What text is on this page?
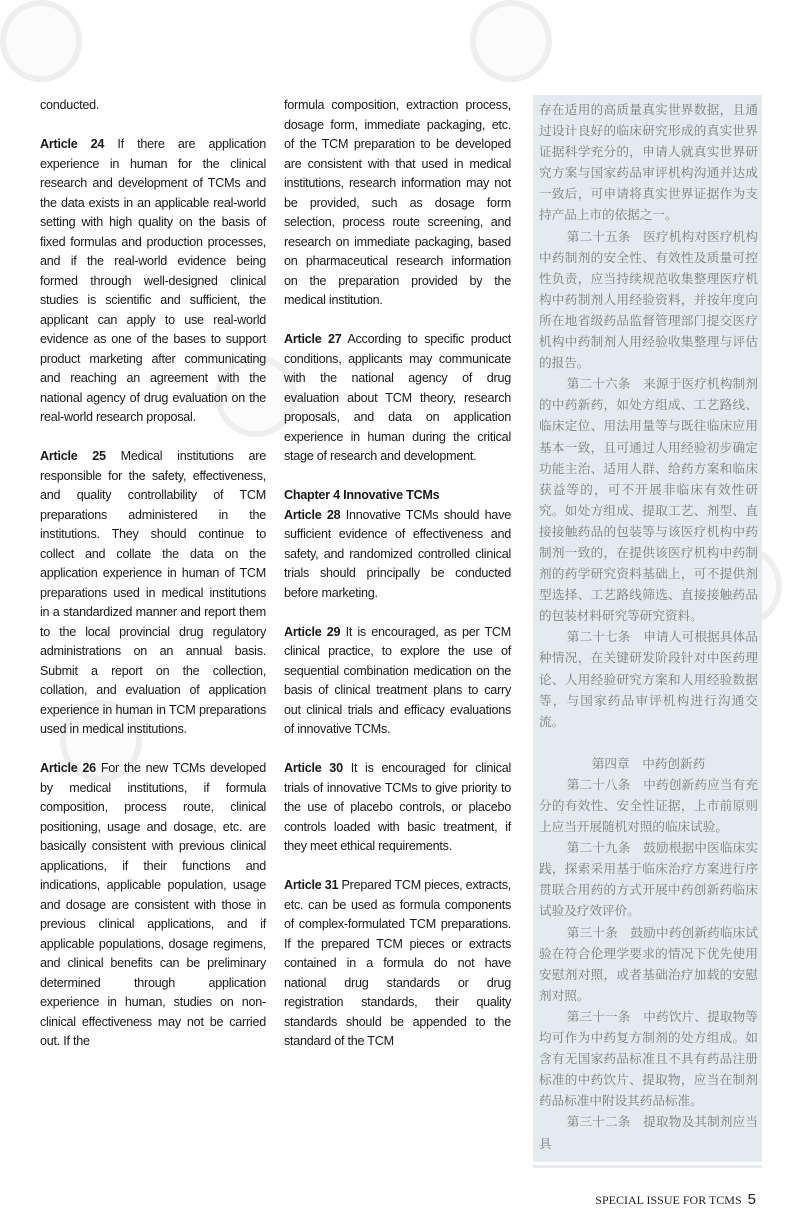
conducted.

Article 24 If there are application experience in human for the clinical research and development of TCMs and the data exists in an applicable real-world setting with high quality on the basis of fixed formulas and production processes, and if the real-world evidence being formed through well-designed clinical studies is scientific and sufficient, the applicant can apply to use real-world evidence as one of the bases to support product marketing after communicating and reaching an agreement with the national agency of drug evaluation on the real-world research proposal.

Article 25 Medical institutions are responsible for the safety, effectiveness, and quality controllability of TCM preparations administered in the institutions. They should continue to collect and collate the data on the application experience in human of TCM preparations used in medical institutions in a standardized manner and report them to the local provincial drug regulatory administrations on an annual basis. Submit a report on the collection, collation, and evaluation of application experience in human in TCM preparations used in medical institutions.

Article 26 For the new TCMs developed by medical institutions, if formula composition, process route, clinical positioning, usage and dosage, etc. are basically consistent with previous clinical applications, if their functions and indications, applicable population, usage and dosage are consistent with those in previous clinical applications, and if applicable populations, dosage regimens, and clinical benefits can be preliminary determined through application experience in human, studies on non-clinical effectiveness may not be carried out. If the

formula composition, extraction process, dosage form, immediate packaging, etc. of the TCM preparation to be developed are consistent with that used in medical institutions, research information may not be provided, such as dosage form selection, process route screening, and research on immediate packaging, based on pharmaceutical research information on the preparation provided by the medical institution.

Article 27 According to specific product conditions, applicants may communicate with the national agency of drug evaluation about TCM theory, research proposals, and data on application experience in human during the critical stage of research and development.

Chapter 4 Innovative TCMs
Article 28 Innovative TCMs should have sufficient evidence of effectiveness and safety, and randomized controlled clinical trials should principally be conducted before marketing.

Article 29 It is encouraged, as per TCM clinical practice, to explore the use of sequential combination medication on the basis of clinical treatment plans to carry out clinical trials and efficacy evaluations of innovative TCMs.

Article 30 It is encouraged for clinical trials of innovative TCMs to give priority to the use of placebo controls, or placebo controls loaded with basic treatment, if they meet ethical requirements.

Article 31 Prepared TCM pieces, extracts, etc. can be used as formula components of complex-formulated TCM preparations. If the prepared TCM pieces or extracts contained in a formula do not have national drug standards or drug registration standards, their quality standards should be appended to the standard of the TCM

存在适用的高质量真实世界数据，且通过设计良好的临床研究形成的真实世界证据科学充分的，申请人就真实世界研究方案与国家药品审评机构沟通并达成一致后，可申请将真实世界证据作为支持产品上市的依据之一。

第二十五条　医疗机构对医疗机构中药制剂的安全性、有效性及质量可控性负责，应当持续规范收集整理医疗机构中药制剂人用经验资料，并按年度向所在地省级药品监督管理部门提交医疗机构中药制剂人用经验收集整理与评估的报告。

第二十六条　来源于医疗机构制剂的中药新药，如处方组成、工艺路线、临床定位、用法用量等与既往临床应用基本一致，且可通过人用经验初步确定功能主治、适用人群、给药方案和临床获益等的，可不开展非临床有效性研究。如处方组成、提取工艺、剂型、直接接触药品的包装等与该医疗机构中药制剂一致的，在提供该医疗机构中药制剂的药学研究资料基础上，可不提供剂型选择、工艺路线筛选、直接接触药品的包装材料研究等研究资料。

第二十七条　申请人可根据具体品种情况，在关键研发阶段针对中医药理论、人用经验研究方案和人用经验数据等，与国家药品审评机构进行沟通交流。

第四章　中药创新药

第二十八条　中药创新药应当有充分的有效性、安全性证据，上市前原则上应当开展随机对照的临床试验。

第二十九条　鼓励根据中医临床实践，探索采用基于临床治疗方案进行序贯联合用药的方式开展中药创新药临床试验及疗效评价。

第三十条　鼓励中药创新药临床试验在符合伦理学要求的情况下优先使用安慰剂对照，或者基础治疗加载的安慰剂对照。

第三十一条　中药饮片、提取物等均可作为中药复方制剂的处方组成。如含有无国家药品标准且不具有药品注册标准的中药饮片、提取物，应当在制剂药品标准中附设其药品标准。

第三十二条　提取物及其制剂应当具

SPECIAL ISSUE FOR TCMS 5
